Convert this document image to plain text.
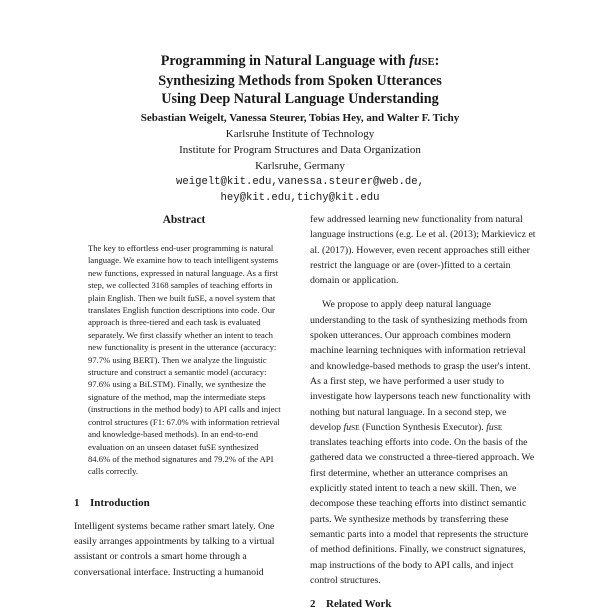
Programming in Natural Language with fuSE:
Synthesizing Methods from Spoken Utterances
Using Deep Natural Language Understanding
Sebastian Weigelt, Vanessa Steurer, Tobias Hey, and Walter F. Tichy
Karlsruhe Institute of Technology
Institute for Program Structures and Data Organization
Karlsruhe, Germany
weigelt@kit.edu,vanessa.steurer@web.de,
hey@kit.edu,tichy@kit.edu
Abstract

The key to effortless end-user programming is natural language. We examine how to teach intelligent systems new functions, expressed in natural language. As a first step, we collected 3168 samples of teaching efforts in plain English. Then we built fuSE, a novel system that translates English function descriptions into code. Our approach is three-tiered and each task is evaluated separately. We first classify whether an intent to teach new functionality is present in the utterance (accuracy: 97.7% using BERT). Then we analyze the linguistic structure and construct a semantic model (accuracy: 97.6% using a BiLSTM). Finally, we synthesize the signature of the method, map the intermediate steps (instructions in the method body) to API calls and inject control structures (F1: 67.0% with information retrieval and knowledge-based methods). In an end-to-end evaluation on an unseen dataset fuSE synthesized 84.6% of the method signatures and 79.2% of the API calls correctly.

1 Introduction

Intelligent systems became rather smart lately. One easily arranges appointments by talking to a virtual assistant or controls a smart home through a conversational interface. Instructing a humanoid

few addressed learning new functionality from natural language instructions (e.g. Le et al. (2013); Markievicz et al. (2017)). However, even recent approaches still either restrict the language or are (over-)fitted to a certain domain or application.

We propose to apply deep natural language understanding to the task of synthesizing methods from spoken utterances. Our approach combines modern machine learning techniques with information retrieval and knowledge-based methods to grasp the user's intent. As a first step, we have performed a user study to investigate how laypersons teach new functionality with nothing but natural language. In a second step, we develop fuSE (Function Synthesis Executor). fuSE translates teaching efforts into code. On the basis of the gathered data we constructed a three-tiered approach. We first determine, whether an utterance comprises an explicitly stated intent to teach a new skill. Then, we decompose these teaching efforts into distinct semantic parts. We synthesize methods by transferring these semantic parts into a model that represents the structure of method definitions. Finally, we construct signatures, map instructions of the body to API calls, and inject control structures.

2 Related Work
